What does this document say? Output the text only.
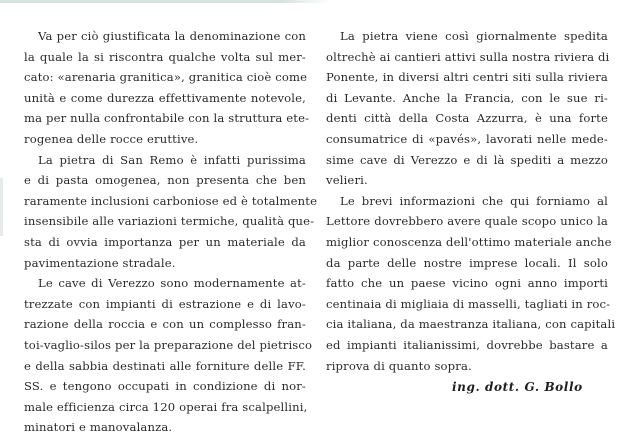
Va per ciò giustificata la denominazione con
la quale la si riscontra qualche volta sul mer-
cato: «arenaria granitica», granitica cioè come
unità e come durezza effettivamente notevole,
ma per nulla confrontabile con la struttura ete-
rogenea delle rocce eruttive.

La pietra di San Remo è infatti purissima
e di pasta omogenea, non presenta che ben
raramente inclusioni carboniose ed è totalmente
insensibile alle variazioni termiche, qualità que-
sta di ovvia importanza per un materiale da
pavimentazione stradale.

Le cave di Verezzo sono modernamente at-
trezzate con impianti di estrazione e di lavo-
razione della roccia e con un complesso fran-
toi-vaglio-silos per la preparazione del pietrisco
e della sabbia destinati alle forniture delle FF.
SS. e tengono occupati in condizione di nor-
male efficienza circa 120 operai fra scalpellini,
minatori e manovalanza.

La pietra viene così giornalmente spedita
oltrechè ai cantieri attivi sulla nostra riviera di
Ponente, in diversi altri centri siti sulla riviera
di Levante. Anche la Francia, con le sue ri-
denti città della Costa Azzurra, è una forte
consumatrice di «pavés», lavorati nelle mede-
sime cave di Verezzo e di là spediti a mezzo
velieri.

Le brevi informazioni che qui forniamo al
Lettore dovrebbero avere quale scopo unico la
miglior conoscenza dell'ottimo materiale anche
da parte delle nostre imprese locali. Il solo
fatto che un paese vicino ogni anno importi
centinaia di migliaia di masselli, tagliati in roc-
cia italiana, da maestranza italiana, con capitali
ed impianti italianissimi, dovrebbe bastare a
riprova di quanto sopra.

ing. dott. G. Bollo
